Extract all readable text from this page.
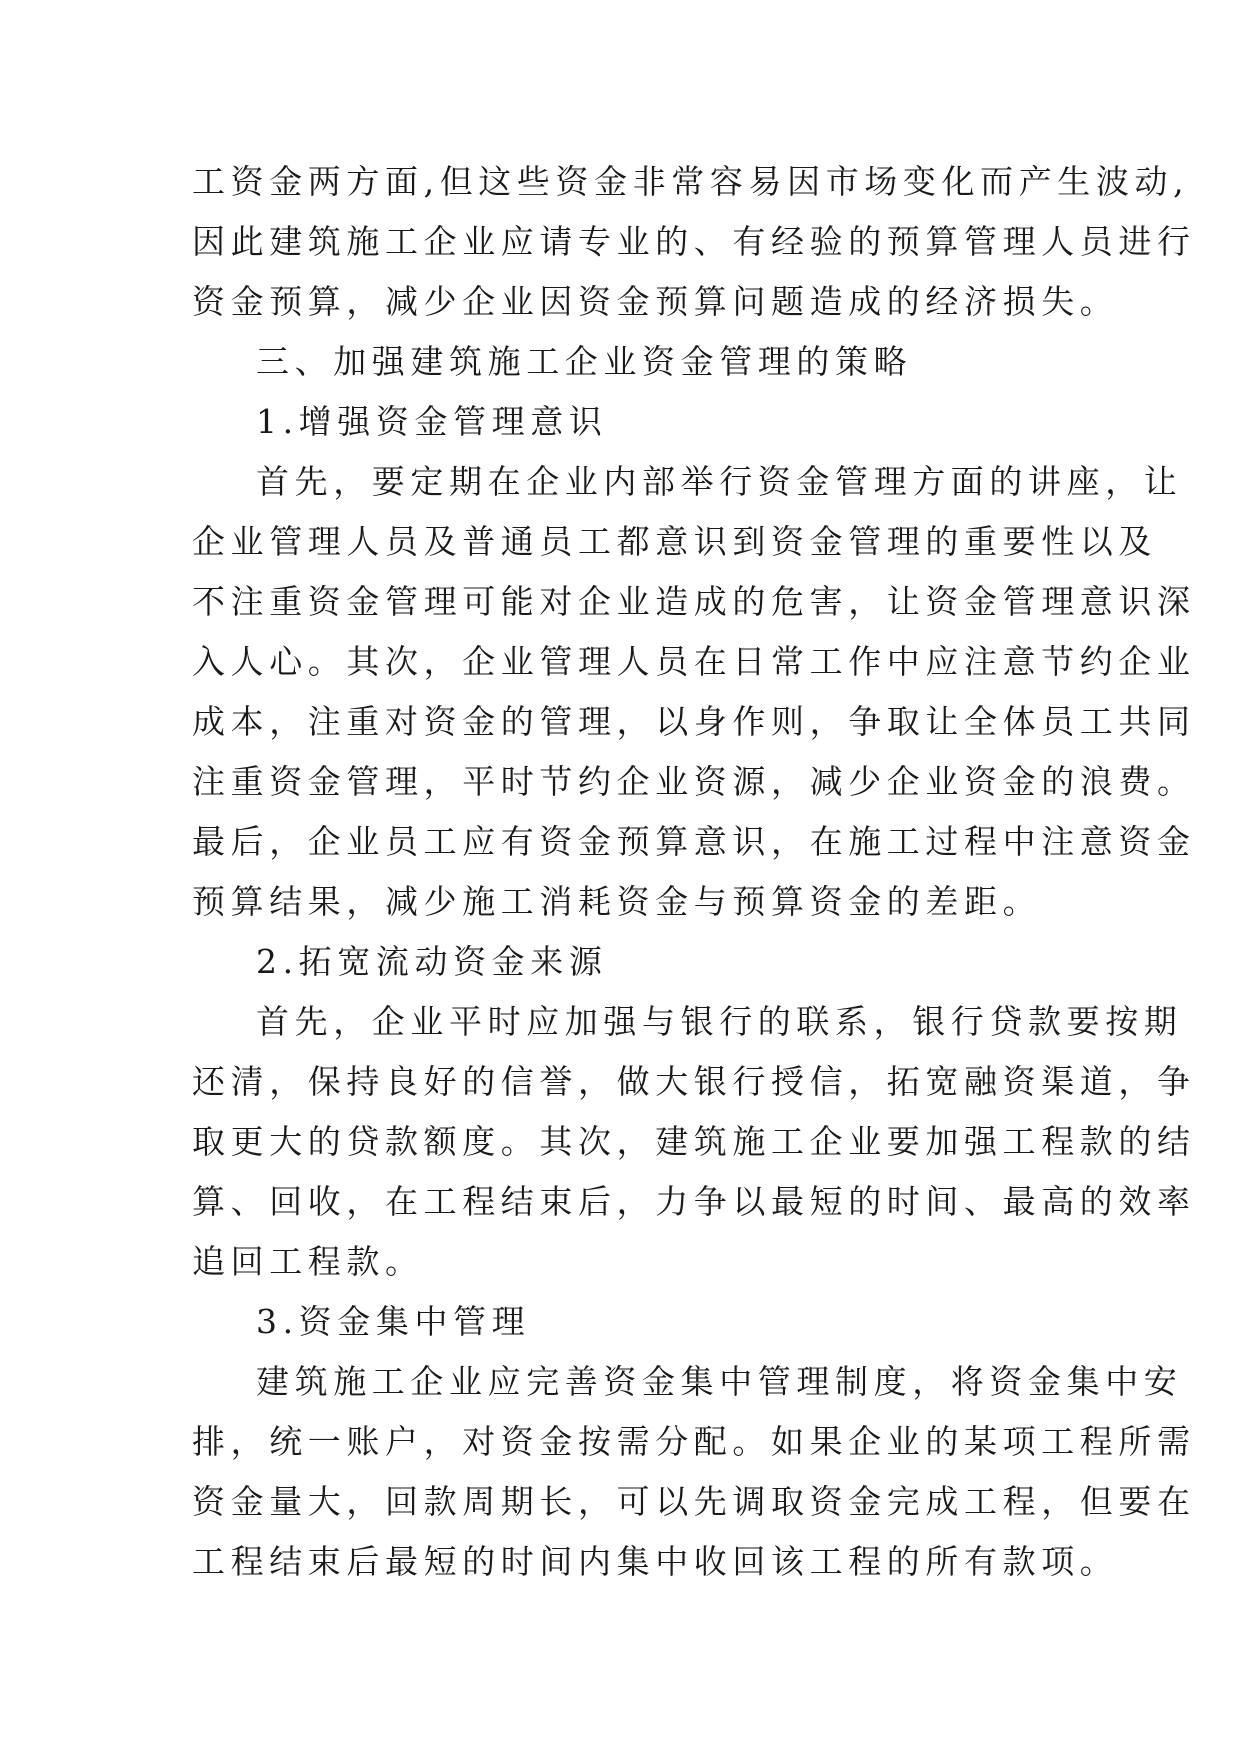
工资金两方面,但这些资金非常容易因市场变化而产生波动,
因此建筑施工企业应请专业的、有经验的预算管理人员进行
资金预算，减少企业因资金预算问题造成的经济损失。
三、加强建筑施工企业资金管理的策略
1.增强资金管理意识
首先，要定期在企业内部举行资金管理方面的讲座，让
企业管理人员及普通员工都意识到资金管理的重要性以及
不注重资金管理可能对企业造成的危害，让资金管理意识深
入人心。其次，企业管理人员在日常工作中应注意节约企业
成本，注重对资金的管理，以身作则，争取让全体员工共同
注重资金管理，平时节约企业资源，减少企业资金的浪费。
最后，企业员工应有资金预算意识，在施工过程中注意资金
预算结果，减少施工消耗资金与预算资金的差距。
2.拓宽流动资金来源
首先，企业平时应加强与银行的联系，银行贷款要按期
还清，保持良好的信誉，做大银行授信，拓宽融资渠道，争
取更大的贷款额度。其次，建筑施工企业要加强工程款的结
算、回收，在工程结束后，力争以最短的时间、最高的效率
追回工程款。
3.资金集中管理
建筑施工企业应完善资金集中管理制度，将资金集中安
排，统一账户，对资金按需分配。如果企业的某项工程所需
资金量大，回款周期长，可以先调取资金完成工程，但要在
工程结束后最短的时间内集中收回该工程的所有款项。
